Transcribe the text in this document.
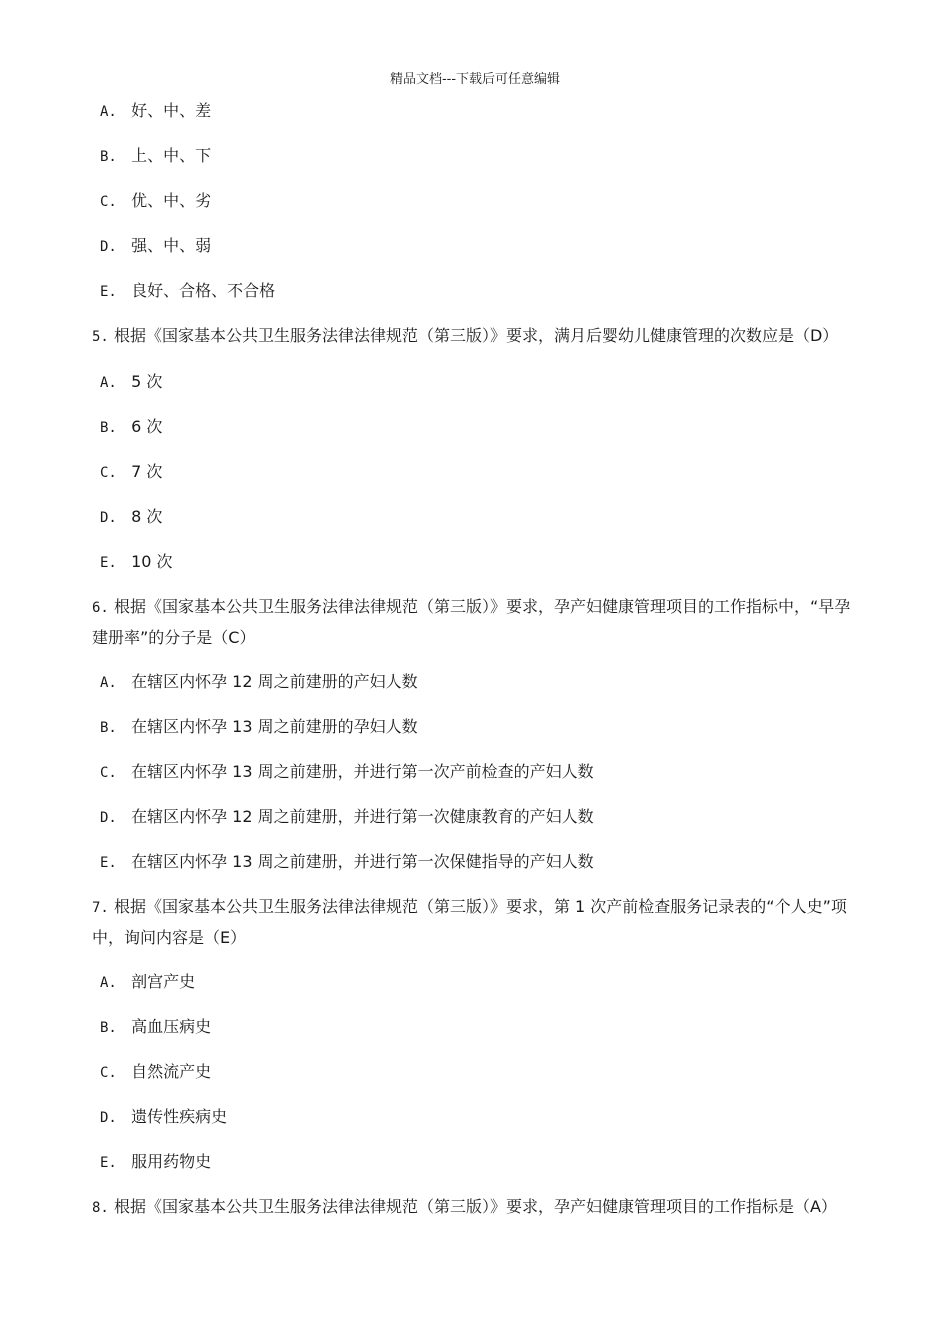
精品文档---下载后可任意编辑
A. 好、中、差
B. 上、中、下
C. 优、中、劣
D. 强、中、弱
E. 良好、合格、不合格
5. 根据《国家基本公共卫生服务法律法律规范（第三版）》要求，满月后婴幼儿健康管理的次数应是（D）
A. 5 次
B. 6 次
C. 7 次
D. 8 次
E. 10 次
6. 根据《国家基本公共卫生服务法律法律规范（第三版）》要求，孕产妇健康管理项目的工作指标中，“早孕建册率”的分子是（C）
A. 在辖区内怀孕 12 周之前建册的产妇人数
B. 在辖区内怀孕 13 周之前建册的孕妇人数
C. 在辖区内怀孕 13 周之前建册，并进行第一次产前检查的产妇人数
D. 在辖区内怀孕 12 周之前建册，并进行第一次健康教育的产妇人数
E. 在辖区内怀孕 13 周之前建册，并进行第一次保健指导的产妇人数
7. 根据《国家基本公共卫生服务法律法律规范（第三版）》要求，第 1 次产前检查服务记录表的“个人史”项中，询问内容是（E）
A. 剖宫产史
B. 高血压病史
C. 自然流产史
D. 遗传性疾病史
E. 服用药物史
8. 根据《国家基本公共卫生服务法律法律规范（第三版）》要求，孕产妇健康管理项目的工作指标是（A）
